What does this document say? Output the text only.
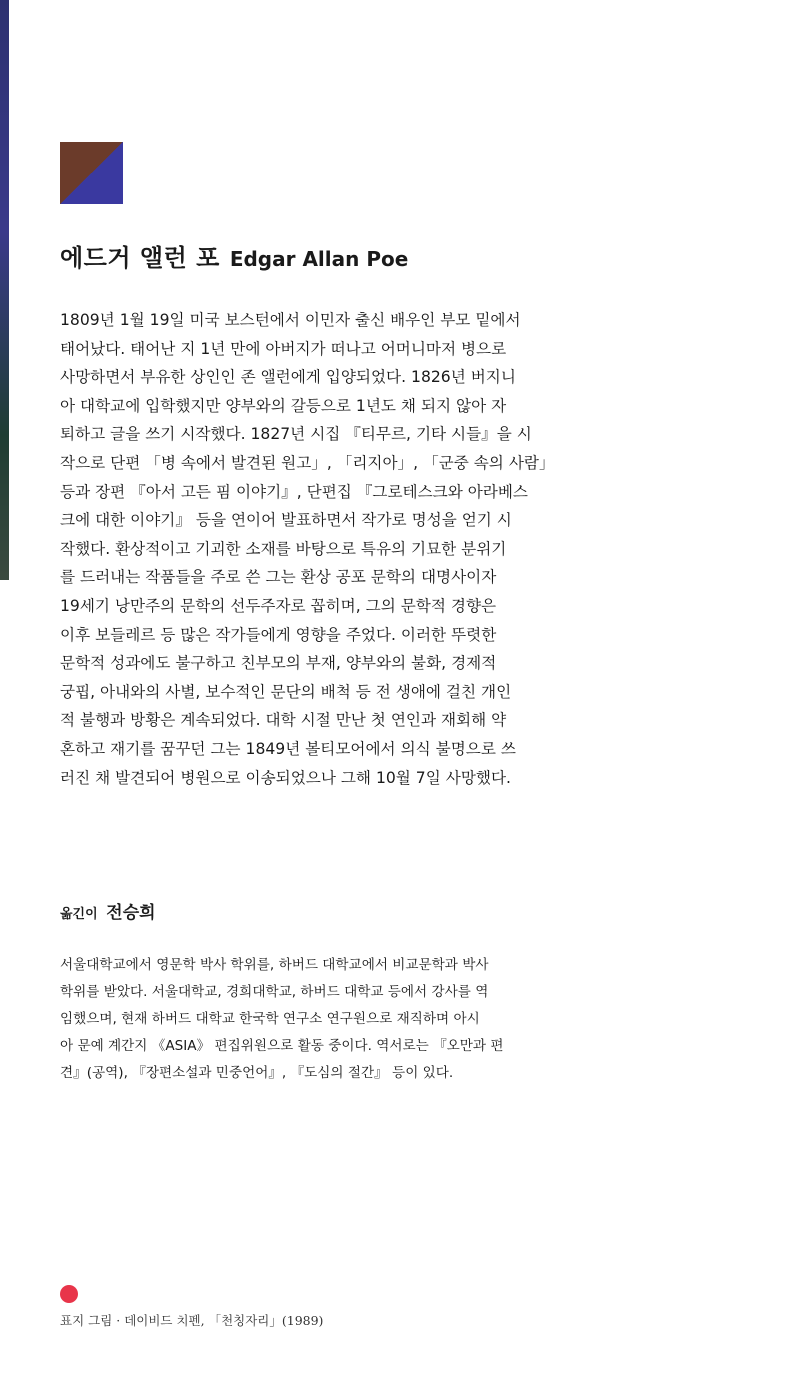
에드거 앨런 포 Edgar Allan Poe

1809년 1월 19일 미국 보스턴에서 이민자 출신 배우인 부모 밑에서
태어났다. 태어난 지 1년 만에 아버지가 떠나고 어머니마저 병으로
사망하면서 부유한 상인인 존 앨런에게 입양되었다. 1826년 버지니
아 대학교에 입학했지만 양부와의 갈등으로 1년도 채 되지 않아 자
퇴하고 글을 쓰기 시작했다. 1827년 시집 『티무르, 기타 시들』을 시
작으로 단편 「병 속에서 발견된 원고」, 「리지아」, 「군중 속의 사람」
등과 장편 『아서 고든 핌 이야기』, 단편집 『그로테스크와 아라베스
크에 대한 이야기』 등을 연이어 발표하면서 작가로 명성을 얻기 시
작했다. 환상적이고 기괴한 소재를 바탕으로 특유의 기묘한 분위기
를 드러내는 작품들을 주로 쓴 그는 환상 공포 문학의 대명사이자
19세기 낭만주의 문학의 선두주자로 꼽히며, 그의 문학적 경향은
이후 보들레르 등 많은 작가들에게 영향을 주었다. 이러한 뚜렷한
문학적 성과에도 불구하고 친부모의 부재, 양부와의 불화, 경제적
궁핍, 아내와의 사별, 보수적인 문단의 배척 등 전 생애에 걸친 개인
적 불행과 방황은 계속되었다. 대학 시절 만난 첫 연인과 재회해 약
혼하고 재기를 꿈꾸던 그는 1849년 볼티모어에서 의식 불명으로 쓰
러진 채 발견되어 병원으로 이송되었으나 그해 10월 7일 사망했다.

옮긴이 전승희

서울대학교에서 영문학 박사 학위를, 하버드 대학교에서 비교문학과 박사
학위를 받았다. 서울대학교, 경희대학교, 하버드 대학교 등에서 강사를 역
임했으며, 현재 하버드 대학교 한국학 연구소 연구원으로 재직하며 아시
아 문예 계간지 《ASIA》 편집위원으로 활동 중이다. 역서로는 『오만과 편
견』(공역), 『장편소설과 민중언어』, 『도심의 절간』 등이 있다.

표지 그림 · 데이비드 치펜, 「천칭자리」(1989)
